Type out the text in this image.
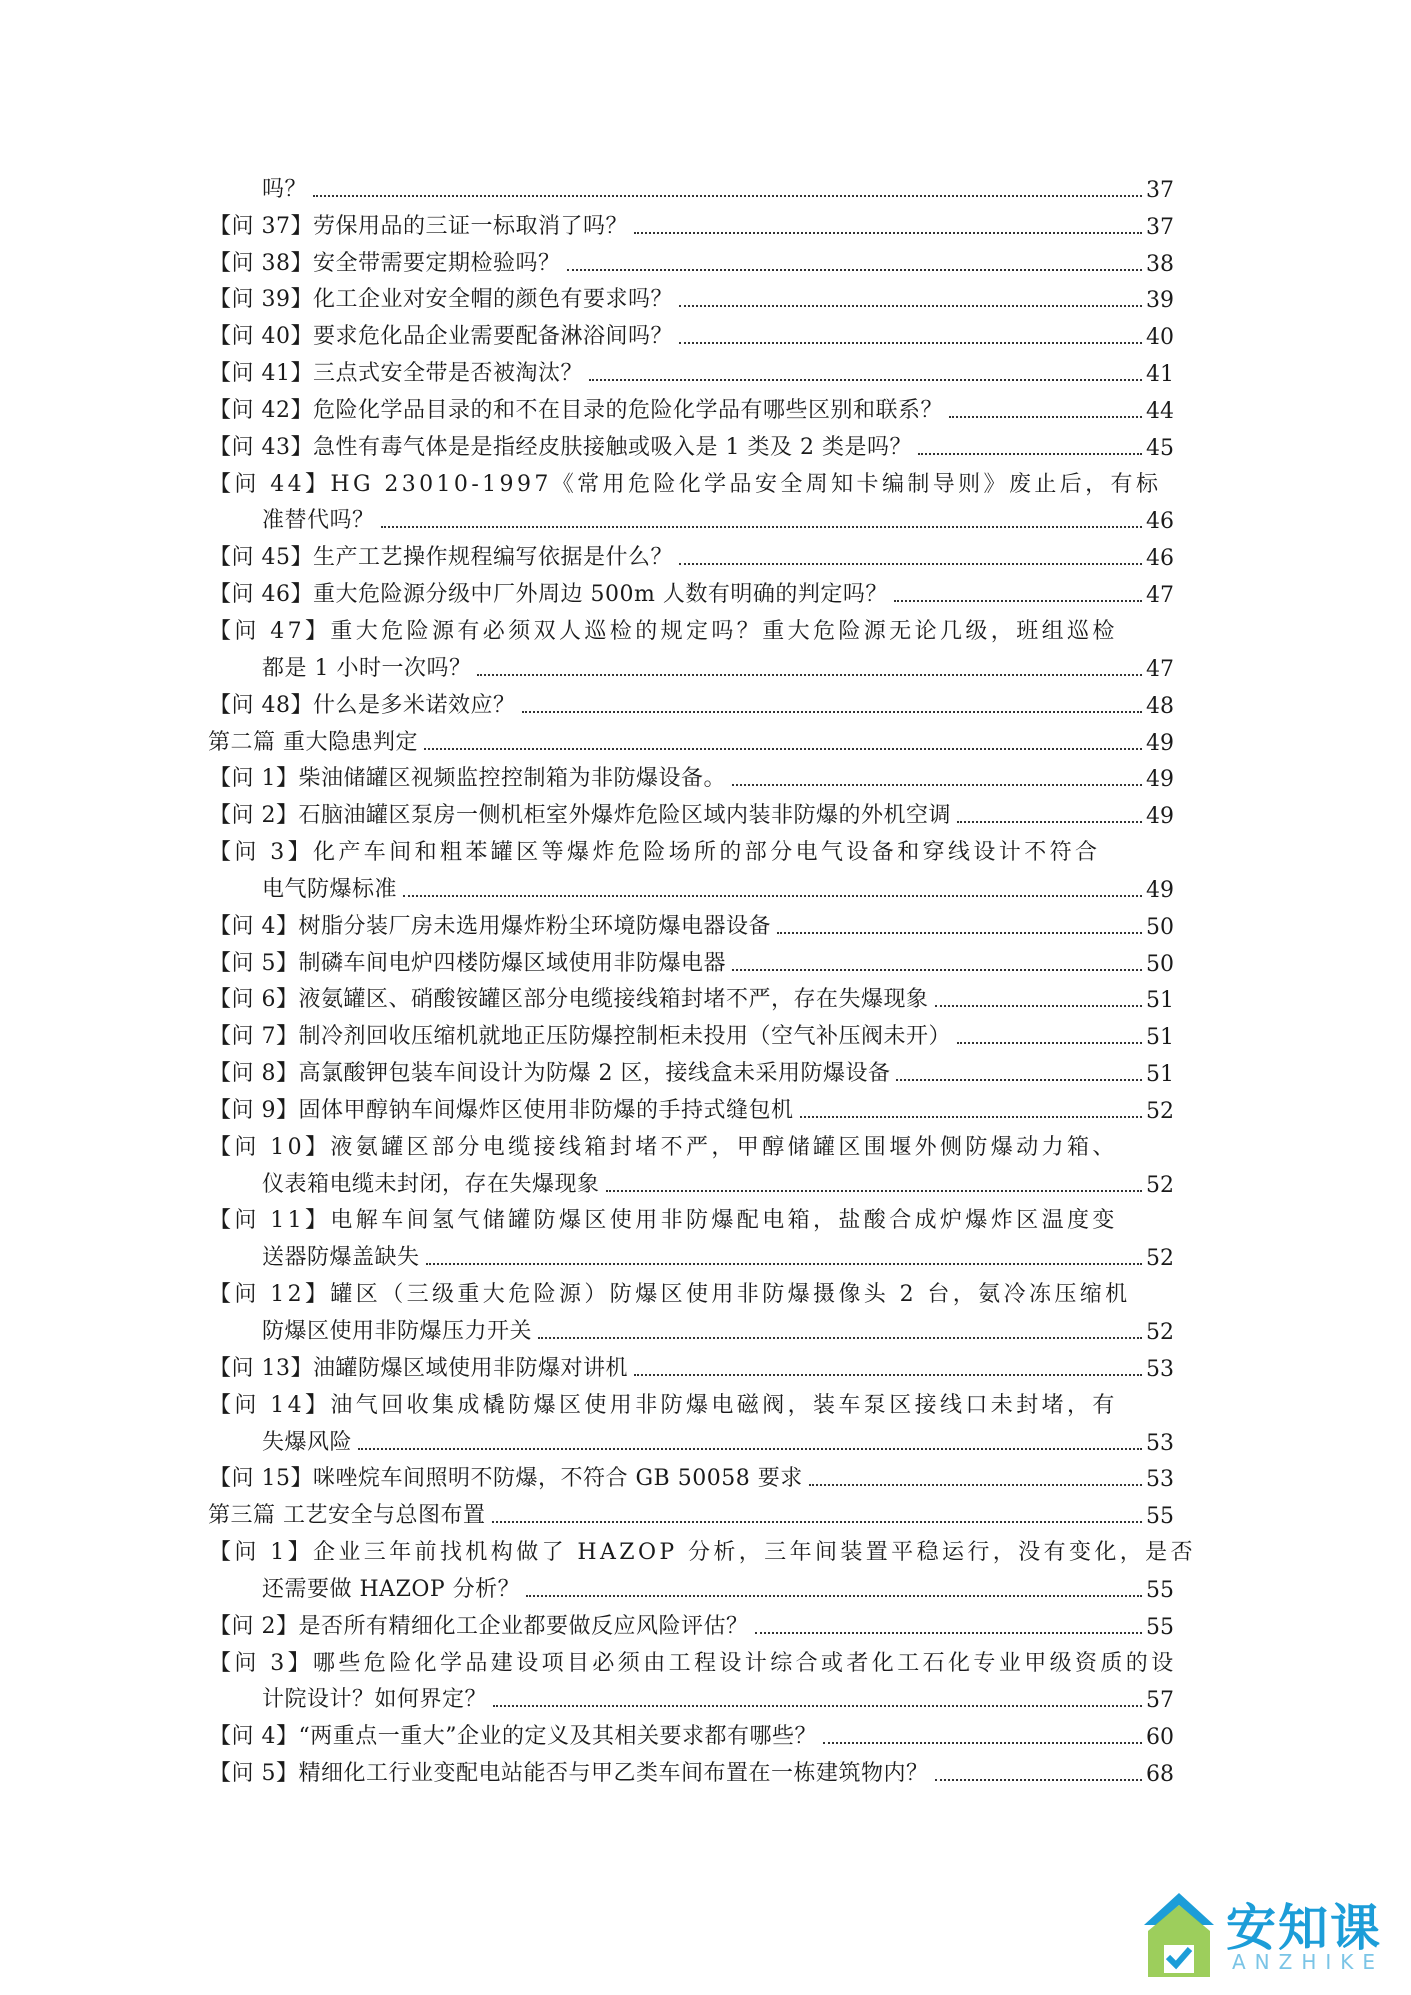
吗？	37
【问 37】劳保用品的三证一标取消了吗？	37
【问 38】安全带需要定期检验吗？	38
【问 39】化工企业对安全帽的颜色有要求吗？	39
【问 40】要求危化品企业需要配备淋浴间吗？	40
【问 41】三点式安全带是否被淘汰？	41
【问 42】危险化学品目录的和不在目录的危险化学品有哪些区别和联系？	44
【问 43】急性有毒气体是是指经皮肤接触或吸入是 1 类及 2 类是吗？	45
【问 44】HG 23010-1997《常用危险化学品安全周知卡编制导则》废止后，有标
准替代吗？	46
【问 45】生产工艺操作规程编写依据是什么？	46
【问 46】重大危险源分级中厂外周边 500m 人数有明确的判定吗？	47
【问 47】重大危险源有必须双人巡检的规定吗？重大危险源无论几级，班组巡检
都是 1 小时一次吗？	47
【问 48】什么是多米诺效应？	48
第二篇 重大隐患判定	49
【问 1】柴油储罐区视频监控控制箱为非防爆设备。	49
【问 2】石脑油罐区泵房一侧机柜室外爆炸危险区域内装非防爆的外机空调	49
【问 3】化产车间和粗苯罐区等爆炸危险场所的部分电气设备和穿线设计不符合
电气防爆标准	49
【问 4】树脂分装厂房未选用爆炸粉尘环境防爆电器设备	50
【问 5】制磷车间电炉四楼防爆区域使用非防爆电器	50
【问 6】液氨罐区、硝酸铵罐区部分电缆接线箱封堵不严，存在失爆现象	51
【问 7】制冷剂回收压缩机就地正压防爆控制柜未投用（空气补压阀未开）	51
【问 8】高氯酸钾包装车间设计为防爆 2 区，接线盒未采用防爆设备	51
【问 9】固体甲醇钠车间爆炸区使用非防爆的手持式缝包机	52
【问 10】液氨罐区部分电缆接线箱封堵不严，甲醇储罐区围堰外侧防爆动力箱、
仪表箱电缆未封闭，存在失爆现象	52
【问 11】电解车间氢气储罐防爆区使用非防爆配电箱，盐酸合成炉爆炸区温度变
送器防爆盖缺失	52
【问 12】罐区（三级重大危险源）防爆区使用非防爆摄像头 2 台，氨冷冻压缩机
防爆区使用非防爆压力开关	52
【问 13】油罐防爆区域使用非防爆对讲机	53
【问 14】油气回收集成橇防爆区使用非防爆电磁阀，装车泵区接线口未封堵，有
失爆风险	53
【问 15】咪唑烷车间照明不防爆，不符合 GB 50058 要求	53
第三篇 工艺安全与总图布置	55
【问 1】企业三年前找机构做了 HAZOP 分析，三年间装置平稳运行，没有变化，是否
还需要做 HAZOP 分析？	55
【问 2】是否所有精细化工企业都要做反应风险评估？	55
【问 3】哪些危险化学品建设项目必须由工程设计综合或者化工石化专业甲级资质的设
计院设计？如何界定？	57
【问 4】“两重点一重大”企业的定义及其相关要求都有哪些？	60
【问 5】精细化工行业变配电站能否与甲乙类车间布置在一栋建筑物内？	68
安知课
ANZHIKE
